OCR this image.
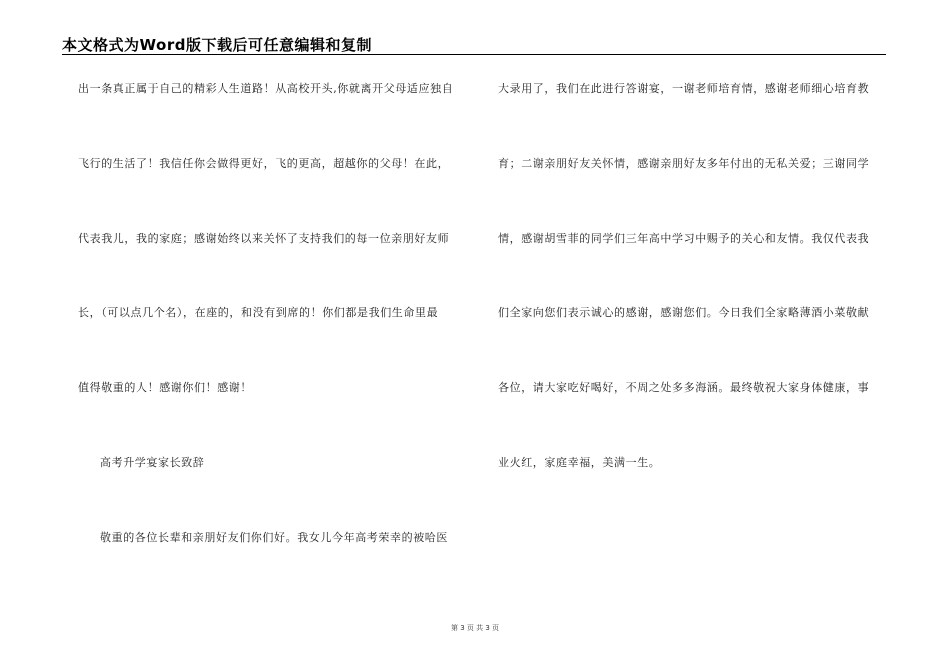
本文格式为Word版下载后可任意编辑和复制
出一条真正属于自己的精彩人生道路！从高校开头,你就离开父母适应独自
飞行的生活了！我信任你会做得更好，飞的更高，超越你的父母！在此，
代表我儿，我的家庭；感谢始终以来关怀了支持我们的每一位亲朋好友师
长，（可以点几个名），在座的，和没有到席的！你们都是我们生命里最
值得敬重的人！感谢你们！感谢！
高考升学宴家长致辞
敬重的各位长辈和亲朋好友们你们好。我女儿今年高考荣幸的被哈医
大录用了，我们在此进行答谢宴，一谢老师培育情，感谢老师细心培育教
育；二谢亲朋好友关怀情，感谢亲朋好友多年付出的无私关爱；三谢同学
情，感谢胡雪菲的同学们三年高中学习中赐予的关心和友情。我仅代表我
们全家向您们表示诚心的感谢，感谢您们。今日我们全家略薄酒小菜敬献
各位，请大家吃好喝好，不周之处多多海涵。最终敬祝大家身体健康，事
业火红，家庭幸福，美满一生。
第 3 页 共 3 页
